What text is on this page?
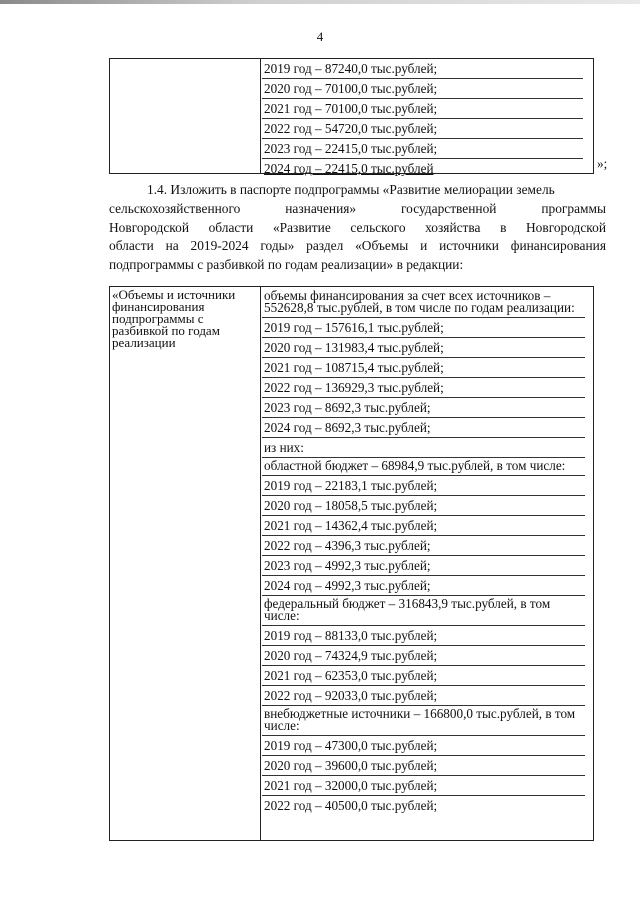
4
2019 год – 87240,0 тыс.рублей;
2020 год – 70100,0 тыс.рублей;
2021 год – 70100,0 тыс.рублей;
2022 год – 54720,0 тыс.рублей;
2023 год – 22415,0 тыс.рублей;
2024 год – 22415,0 тыс.рублей	»;

1.4. Изложить в паспорте подпрограммы «Развитие мелиорации земель

сельскохозяйственного назначения» государственной программы
Новгородской области «Развитие сельского хозяйства в Новгородской
области на 2019-2024 годы» раздел «Объемы и источники финансирования
подпрограммы с разбивкой по годам реализации» в редакции:

«Объемы и источники финансирования подпрограммы с разбивкой по годам реализации
объемы финансирования за счет всех источников – 552628,8 тыс.рублей, в том числе по годам реализации:
2019 год – 157616,1 тыс.рублей;
2020 год – 131983,4 тыс.рублей;
2021 год – 108715,4 тыс.рублей;
2022 год – 136929,3 тыс.рублей;
2023 год – 8692,3 тыс.рублей;
2024 год – 8692,3 тыс.рублей;
из них:
областной бюджет – 68984,9 тыс.рублей, в том числе:
2019 год – 22183,1 тыс.рублей;
2020 год – 18058,5 тыс.рублей;
2021 год – 14362,4 тыс.рублей;
2022 год – 4396,3 тыс.рублей;
2023 год – 4992,3 тыс.рублей;
2024 год – 4992,3 тыс.рублей;
федеральный бюджет – 316843,9 тыс.рублей, в том числе:
2019 год – 88133,0 тыс.рублей;
2020 год – 74324,9 тыс.рублей;
2021 год – 62353,0 тыс.рублей;
2022 год – 92033,0 тыс.рублей;
внебюджетные источники – 166800,0 тыс.рублей, в том числе:
2019 год – 47300,0 тыс.рублей;
2020 год – 39600,0 тыс.рублей;
2021 год – 32000,0 тыс.рублей;
2022 год – 40500,0 тыс.рублей;
